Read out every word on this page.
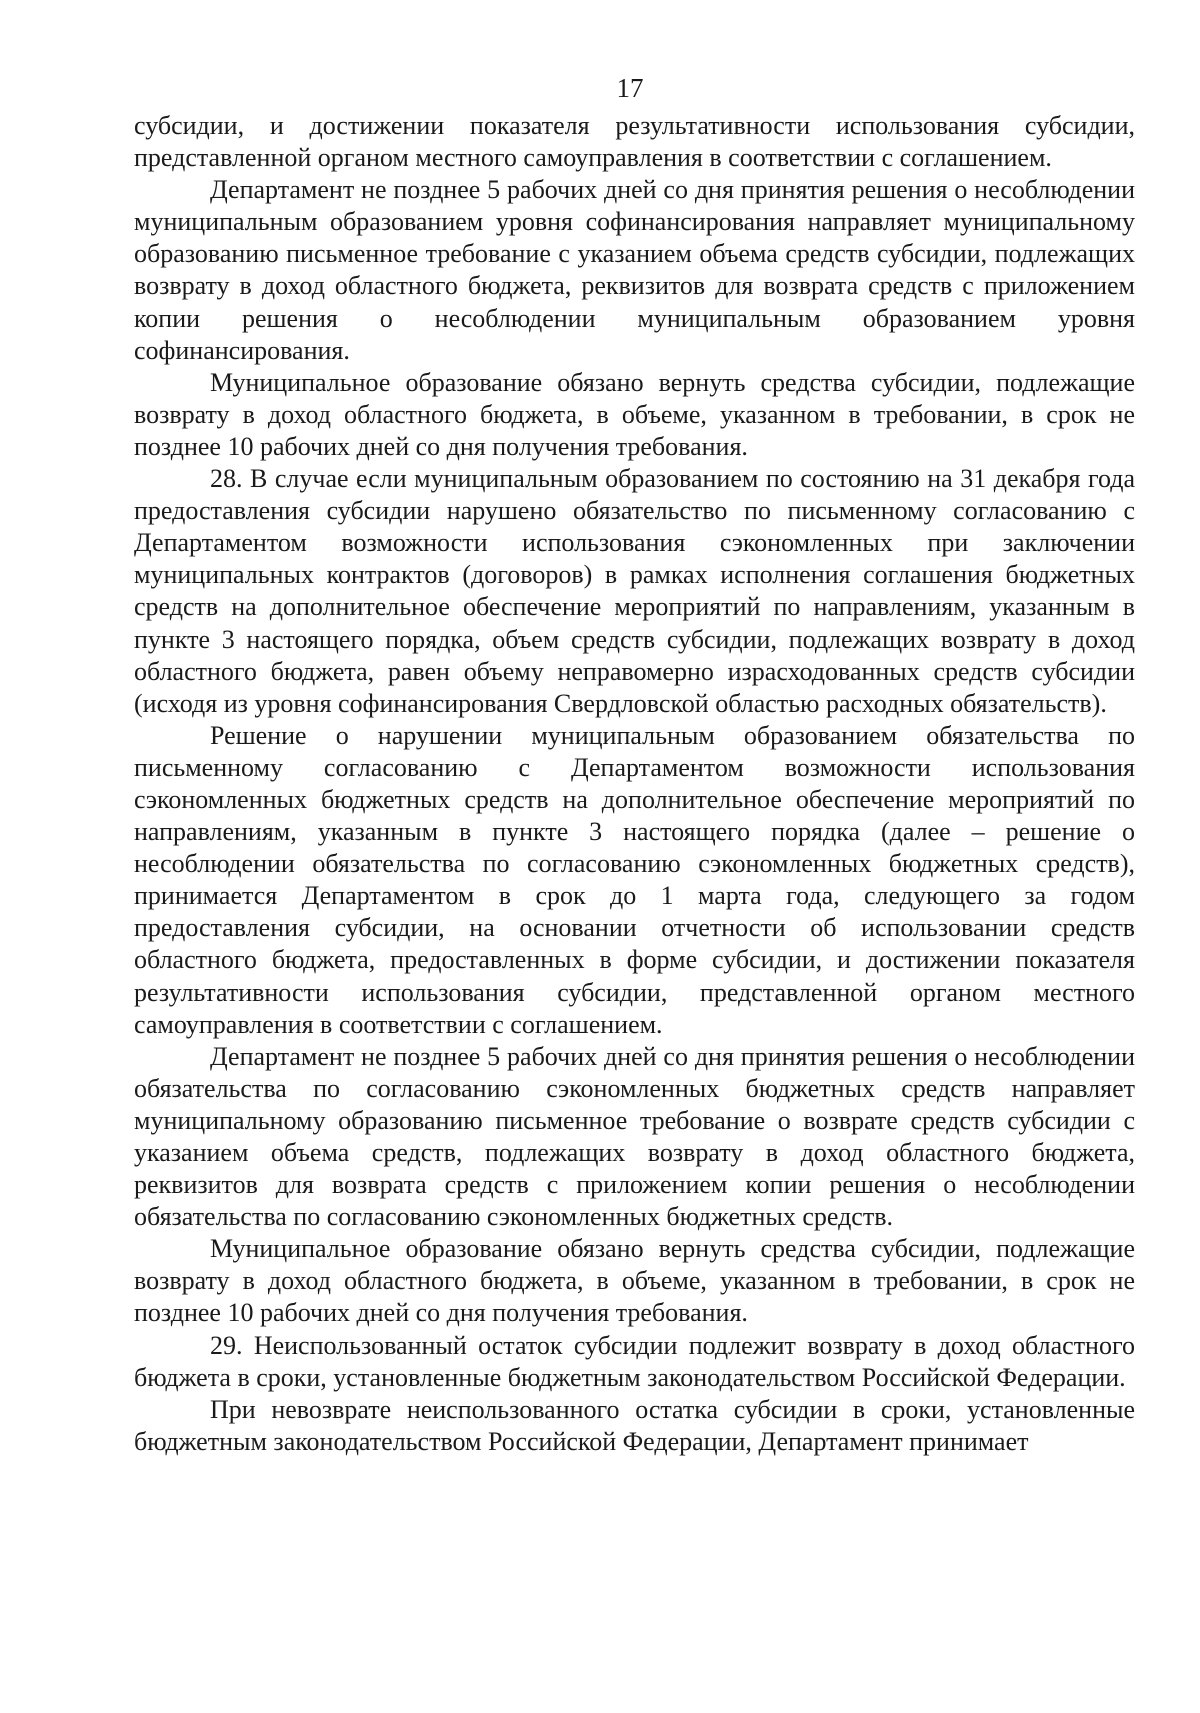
17

субсидии, и достижении показателя результативности использования субсидии, представленной органом местного самоуправления в соответствии с соглашением.

Департамент не позднее 5 рабочих дней со дня принятия решения о несоблюдении муниципальным образованием уровня софинансирования направляет муниципальному образованию письменное требование с указанием объема средств субсидии, подлежащих возврату в доход областного бюджета, реквизитов для возврата средств с приложением копии решения о несоблюдении муниципальным образованием уровня софинансирования.

Муниципальное образование обязано вернуть средства субсидии, подлежащие возврату в доход областного бюджета, в объеме, указанном в требовании, в срок не позднее 10 рабочих дней со дня получения требования.

28. В случае если муниципальным образованием по состоянию на 31 декабря года предоставления субсидии нарушено обязательство по письменному согласованию с Департаментом возможности использования сэкономленных при заключении муниципальных контрактов (договоров) в рамках исполнения соглашения бюджетных средств на дополнительное обеспечение мероприятий по направлениям, указанным в пункте 3 настоящего порядка, объем средств субсидии, подлежащих возврату в доход областного бюджета, равен объему неправомерно израсходованных средств субсидии (исходя из уровня софинансирования Свердловской областью расходных обязательств).

Решение о нарушении муниципальным образованием обязательства по письменному согласованию с Департаментом возможности использования сэкономленных бюджетных средств на дополнительное обеспечение мероприятий по направлениям, указанным в пункте 3 настоящего порядка (далее – решение о несоблюдении обязательства по согласованию сэкономленных бюджетных средств), принимается Департаментом в срок до 1 марта года, следующего за годом предоставления субсидии, на основании отчетности об использовании средств областного бюджета, предоставленных в форме субсидии, и достижении показателя результативности использования субсидии, представленной органом местного самоуправления в соответствии с соглашением.

Департамент не позднее 5 рабочих дней со дня принятия решения о несоблюдении обязательства по согласованию сэкономленных бюджетных средств направляет муниципальному образованию письменное требование о возврате средств субсидии с указанием объема средств, подлежащих возврату в доход областного бюджета, реквизитов для возврата средств с приложением копии решения о несоблюдении обязательства по согласованию сэкономленных бюджетных средств.

Муниципальное образование обязано вернуть средства субсидии, подлежащие возврату в доход областного бюджета, в объеме, указанном в требовании, в срок не позднее 10 рабочих дней со дня получения требования.

29. Неиспользованный остаток субсидии подлежит возврату в доход областного бюджета в сроки, установленные бюджетным законодательством Российской Федерации.

При невозврате неиспользованного остатка субсидии в сроки, установленные бюджетным законодательством Российской Федерации, Департамент принимает
